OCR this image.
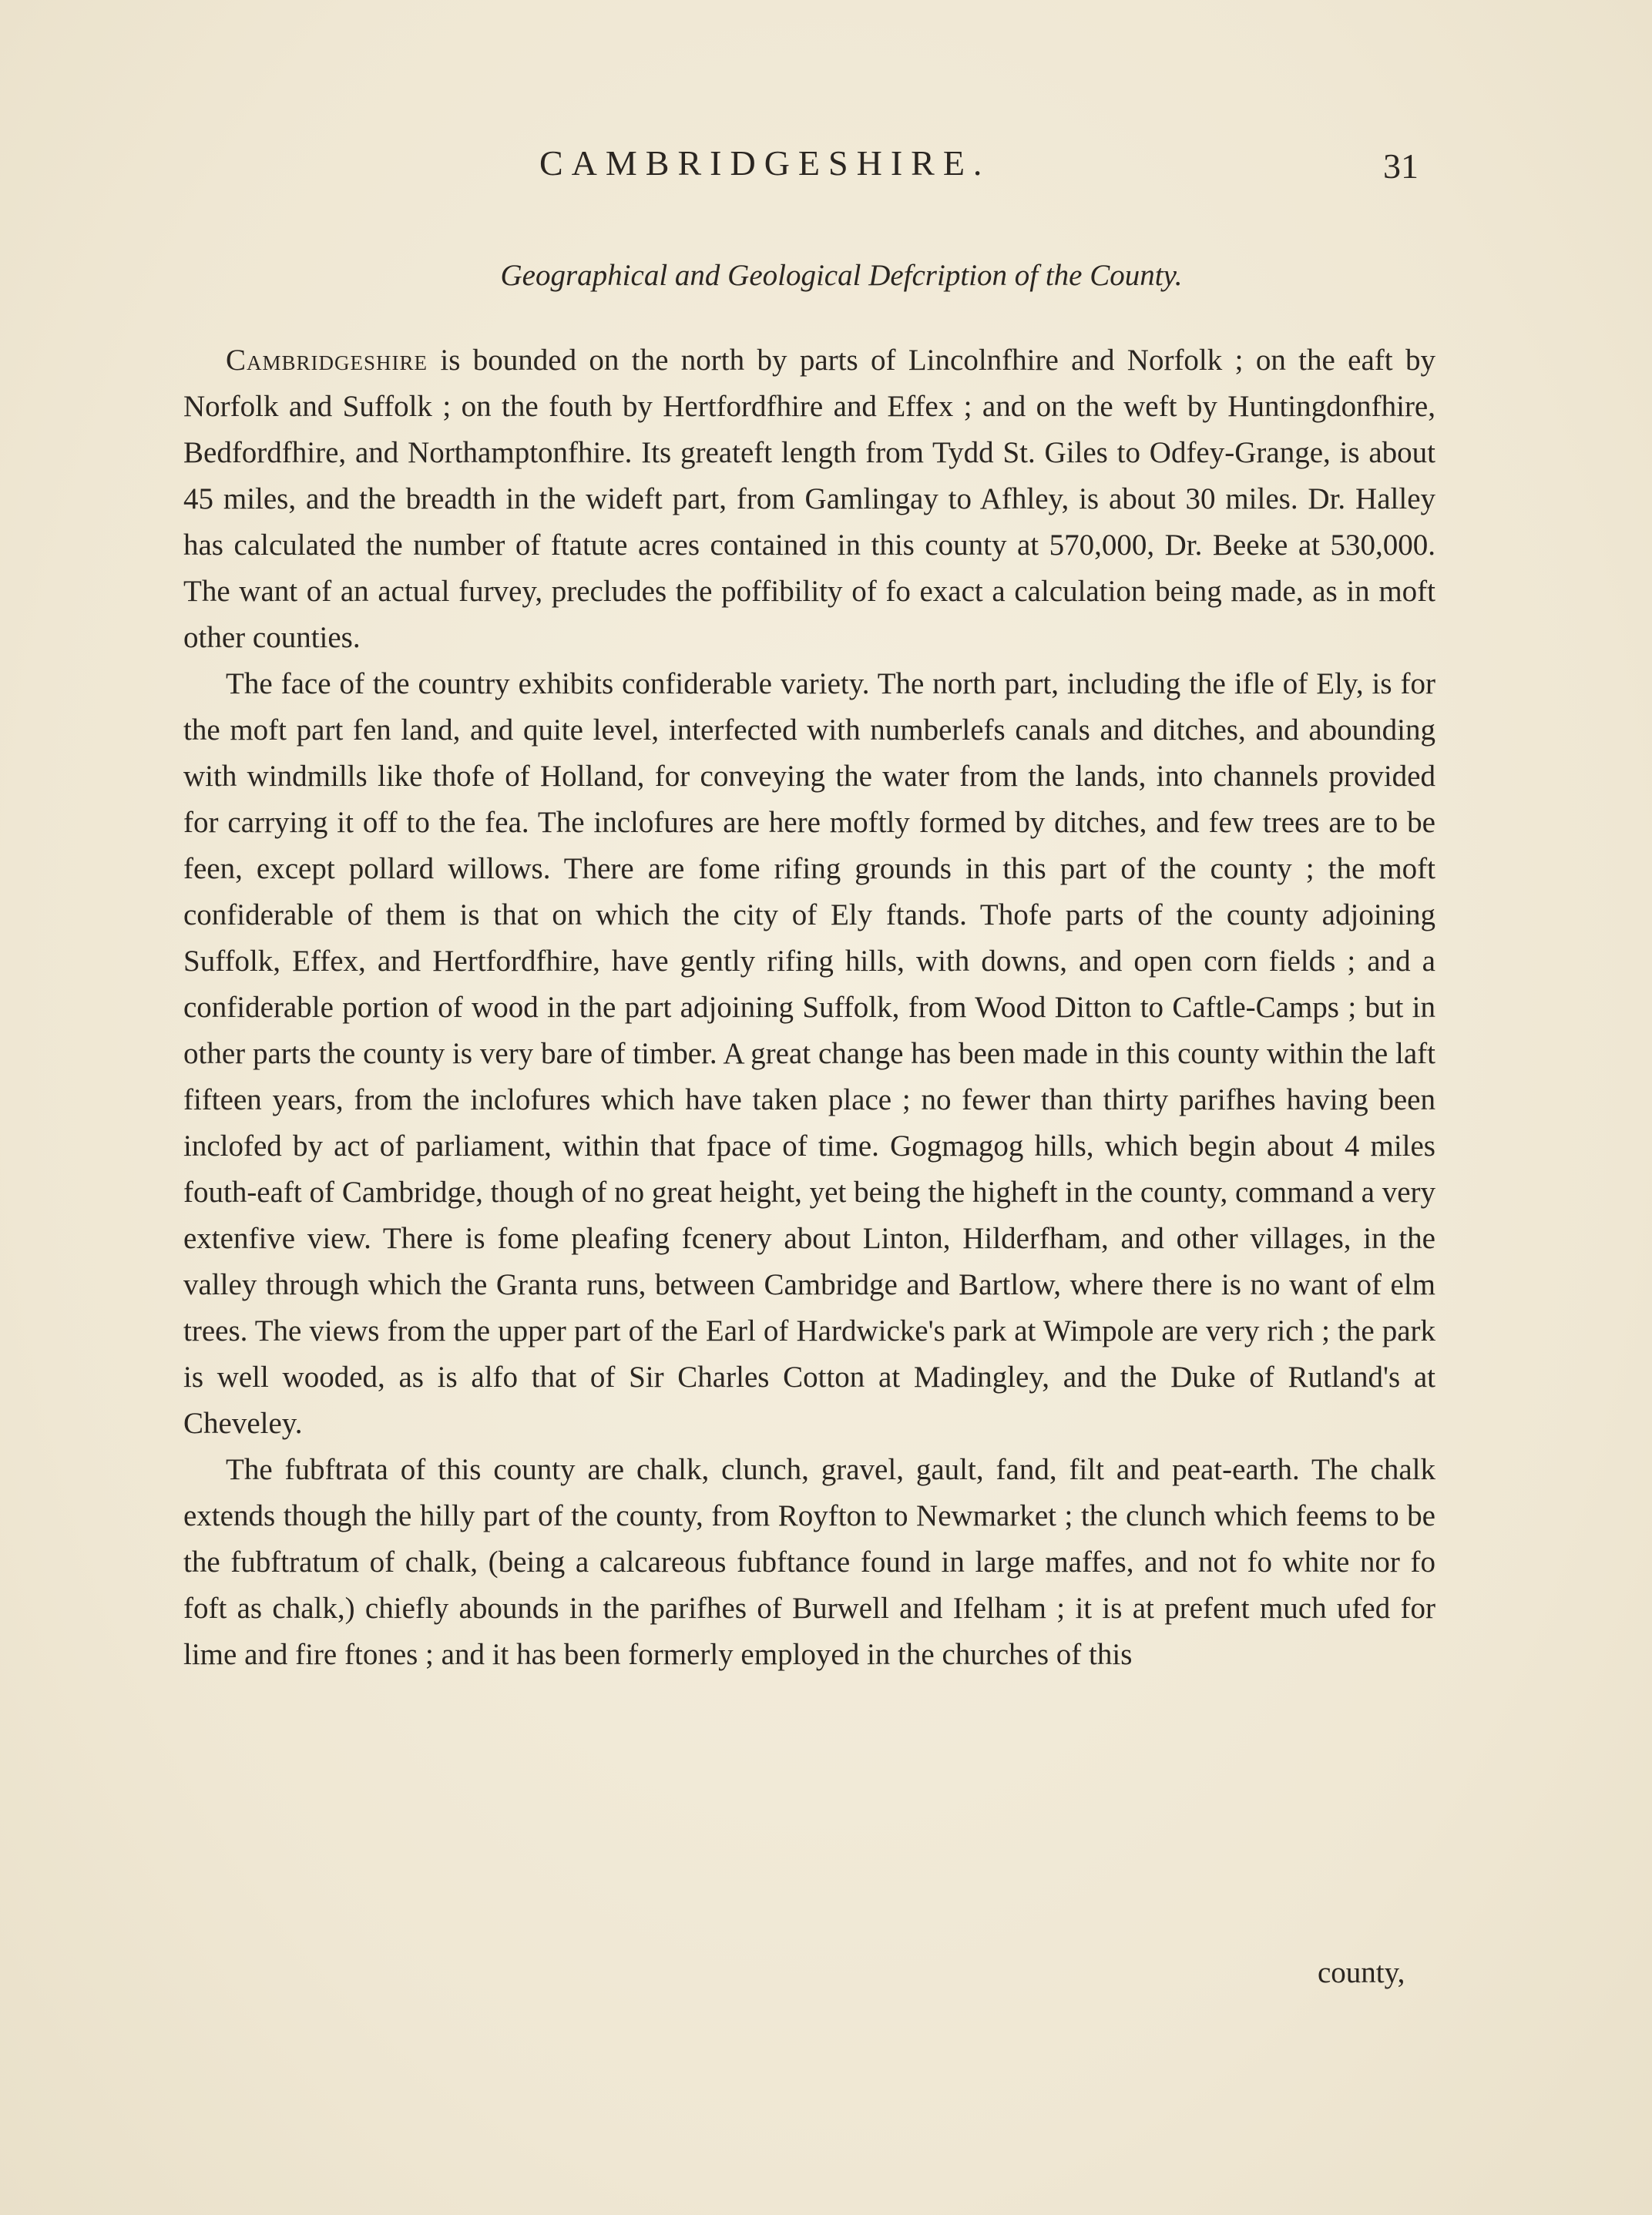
CAMBRIDGESHIRE.	31
Geographical and Geological Defcription of the County.

Cambridgeshire is bounded on the north by parts of Lincolnfhire and Norfolk ; on the eaft by Norfolk and Suffolk ; on the fouth by Hertfordfhire and Effex ; and on the weft by Huntingdonfhire, Bedfordfhire, and Northamptonfhire. Its greateft length from Tydd St. Giles to Odfey-Grange, is about 45 miles, and the breadth in the wideft part, from Gamlingay to Afhley, is about 30 miles. Dr. Halley has calculated the number of ftatute acres contained in this county at 570,000, Dr. Beeke at 530,000. The want of an actual furvey, precludes the poffibility of fo exact a calculation being made, as in moft other counties.

The face of the country exhibits confiderable variety. The north part, including the ifle of Ely, is for the moft part fen land, and quite level, interfected with numberlefs canals and ditches, and abounding with windmills like thofe of Holland, for conveying the water from the lands, into channels provided for carrying it off to the fea. The inclofures are here moftly formed by ditches, and few trees are to be feen, except pollard willows. There are fome rifing grounds in this part of the county ; the moft confiderable of them is that on which the city of Ely ftands. Thofe parts of the county adjoining Suffolk, Effex, and Hertfordfhire, have gently rifing hills, with downs, and open corn fields ; and a confiderable portion of wood in the part adjoining Suffolk, from Wood Ditton to Caftle-Camps ; but in other parts the county is very bare of timber. A great change has been made in this county within the laft fifteen years, from the inclofures which have taken place ; no fewer than thirty parifhes having been inclofed by act of parliament, within that fpace of time. Gogmagog hills, which begin about 4 miles fouth-eaft of Cambridge, though of no great height, yet being the higheft in the county, command a very extenfive view. There is fome pleafing fcenery about Linton, Hilderfham, and other villages, in the valley through which the Granta runs, between Cambridge and Bartlow, where there is no want of elm trees. The views from the upper part of the Earl of Hardwicke's park at Wimpole are very rich ; the park is well wooded, as is alfo that of Sir Charles Cotton at Madingley, and the Duke of Rutland's at Cheveley.

The fubftrata of this county are chalk, clunch, gravel, gault, fand, filt and peat-earth. The chalk extends though the hilly part of the county, from Royfton to Newmarket ; the clunch which feems to be the fubftratum of chalk, (being a calcareous fubftance found in large maffes, and not fo white nor fo foft as chalk,) chiefly abounds in the parifhes of Burwell and Ifelham ; it is at prefent much ufed for lime and fire ftones ; and it has been formerly employed in the churches of this

county,
